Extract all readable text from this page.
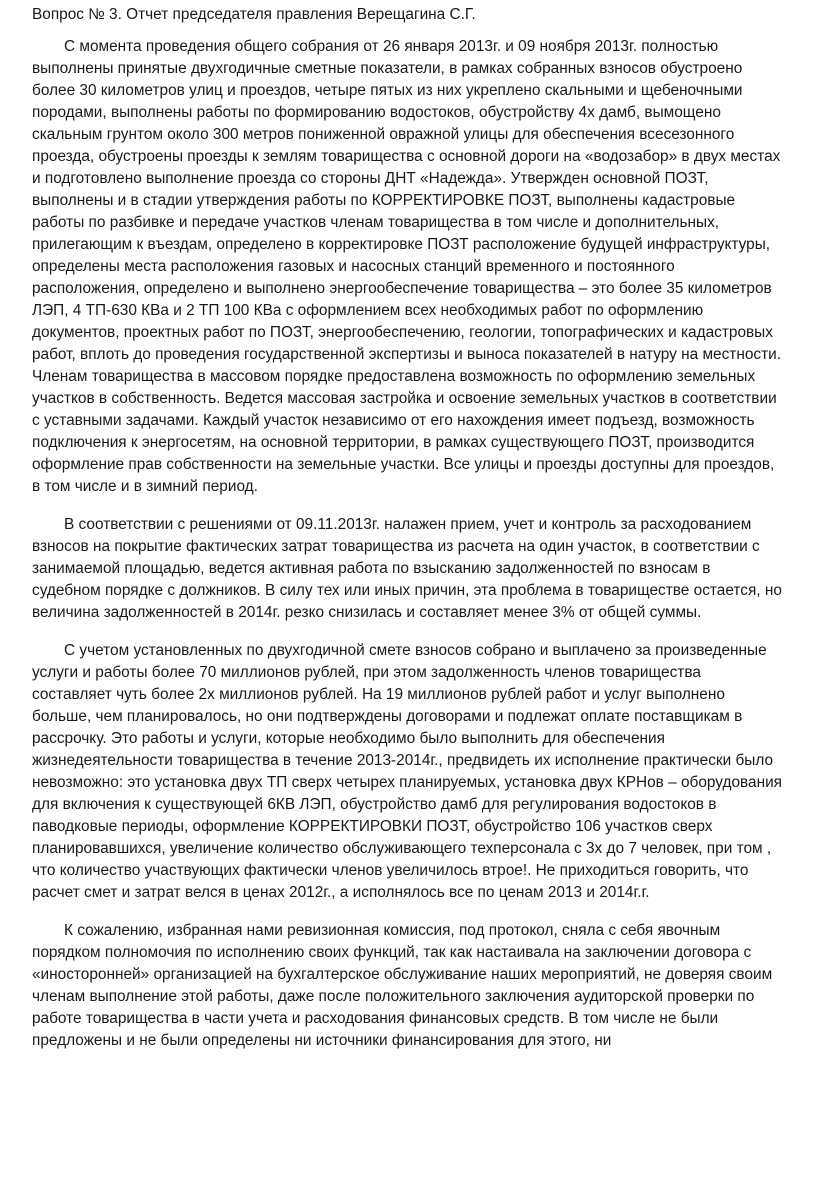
Вопрос № 3. Отчет председателя правления Верещагина С.Г.

С момента проведения общего собрания от 26 января 2013г. и 09 ноября 2013г. полностью выполнены принятые двухгодичные сметные показатели, в рамках собранных взносов обустроено более 30 километров улиц и проездов, четыре пятых из них укреплено скальными и щебеночными породами, выполнены работы по формированию водостоков, обустройству 4х дамб, вымощено скальным грунтом около 300 метров пониженной овражной улицы для обеспечения всесезонного проезда, обустроены проезды к землям товарищества с основной дороги на «водозабор» в двух местах и подготовлено выполнение проезда со стороны ДНТ «Надежда». Утвержден основной ПОЗТ, выполнены и в стадии утверждения работы по КОРРЕКТИРОВКЕ ПОЗТ, выполнены кадастровые работы по разбивке и передаче участков членам товарищества в том числе и дополнительных, прилегающим к въездам, определено в корректировке ПОЗТ расположение будущей инфраструктуры, определены места расположения газовых и насосных станций временного и постоянного расположения, определено и выполнено энергообеспечение товарищества – это более 35 километров ЛЭП, 4 ТП-630 КВа и 2 ТП 100 КВа с оформлением всех необходимых работ по оформлению документов, проектных работ по ПОЗТ, энергообеспечению, геологии, топографических и кадастровых работ, вплоть до проведения государственной экспертизы и выноса показателей в натуру на местности. Членам товарищества в массовом порядке предоставлена возможность по оформлению земельных участков в собственность. Ведется массовая застройка и освоение земельных участков в соответствии с уставными задачами. Каждый участок независимо от его нахождения имеет подъезд, возможность подключения к энергосетям, на основной территории, в рамках существующего ПОЗТ, производится оформление прав собственности на земельные участки. Все улицы и проезды доступны для проездов, в том числе и в зимний период.

В соответствии с решениями от 09.11.2013г. налажен прием, учет и контроль за расходованием взносов на покрытие фактических затрат товарищества из расчета на один участок, в соответствии с занимаемой площадью, ведется активная работа по взысканию задолженностей по взносам в судебном порядке с должников. В силу тех или иных причин, эта проблема в товариществе остается, но величина задолженностей в 2014г. резко снизилась и составляет менее 3% от общей суммы.

С учетом установленных по двухгодичной смете взносов собрано и выплачено за произведенные услуги и работы более 70 миллионов рублей, при этом задолженность членов товарищества составляет чуть более 2х миллионов рублей. На 19 миллионов рублей работ и услуг выполнено больше, чем планировалось, но они подтверждены договорами и подлежат оплате поставщикам в рассрочку. Это работы и услуги, которые необходимо было выполнить для обеспечения жизнедеятельности товарищества в течение 2013-2014г., предвидеть их исполнение практически было невозможно: это установка двух ТП сверх четырех планируемых, установка двух КРНов – оборудования для включения к существующей 6КВ ЛЭП, обустройство дамб для регулирования водостоков в паводковые периоды, оформление КОРРЕКТИРОВКИ ПОЗТ, обустройство 106 участков сверх планировавшихся, увеличение количество обслуживающего техперсонала с 3х до 7 человек, при том , что количество участвующих фактически членов увеличилось втрое!. Не приходиться говорить, что расчет смет и затрат велся в ценах 2012г., а исполнялось все по ценам 2013 и 2014г.г.

К сожалению, избранная нами ревизионная комиссия, под протокол, сняла с себя явочным порядком полномочия по исполнению своих функций, так как настаивала на заключении договора с «иносторонней» организацией на бухгалтерское обслуживание наших мероприятий, не доверяя своим членам выполнение этой работы, даже после положительного заключения аудиторской проверки по работе товарищества в части учета и расходования финансовых средств. В том числе не были предложены и не были определены ни источники финансирования для этого, ни
